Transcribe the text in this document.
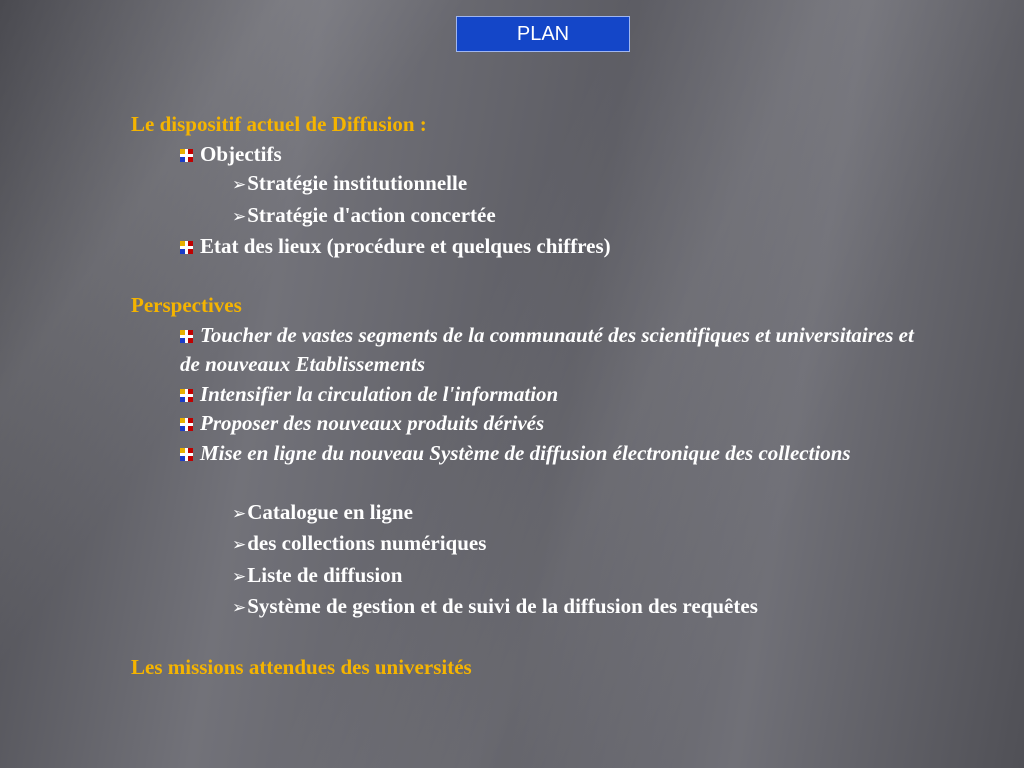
PLAN
Le dispositif actuel de Diffusion :
Objectifs
➢Stratégie institutionnelle
➢Stratégie d'action concertée
Etat des lieux (procédure et quelques chiffres)
Perspectives
Toucher de vastes segments de la communauté des scientifiques et universitaires et de nouveaux Etablissements
Intensifier la circulation de l'information
Proposer des nouveaux produits dérivés
Mise en ligne du nouveau Système de diffusion électronique des collections
➢Catalogue en ligne
➢des collections numériques
➢Liste de diffusion
➢Système de gestion et de suivi de la diffusion des requêtes
Les missions attendues des universités
